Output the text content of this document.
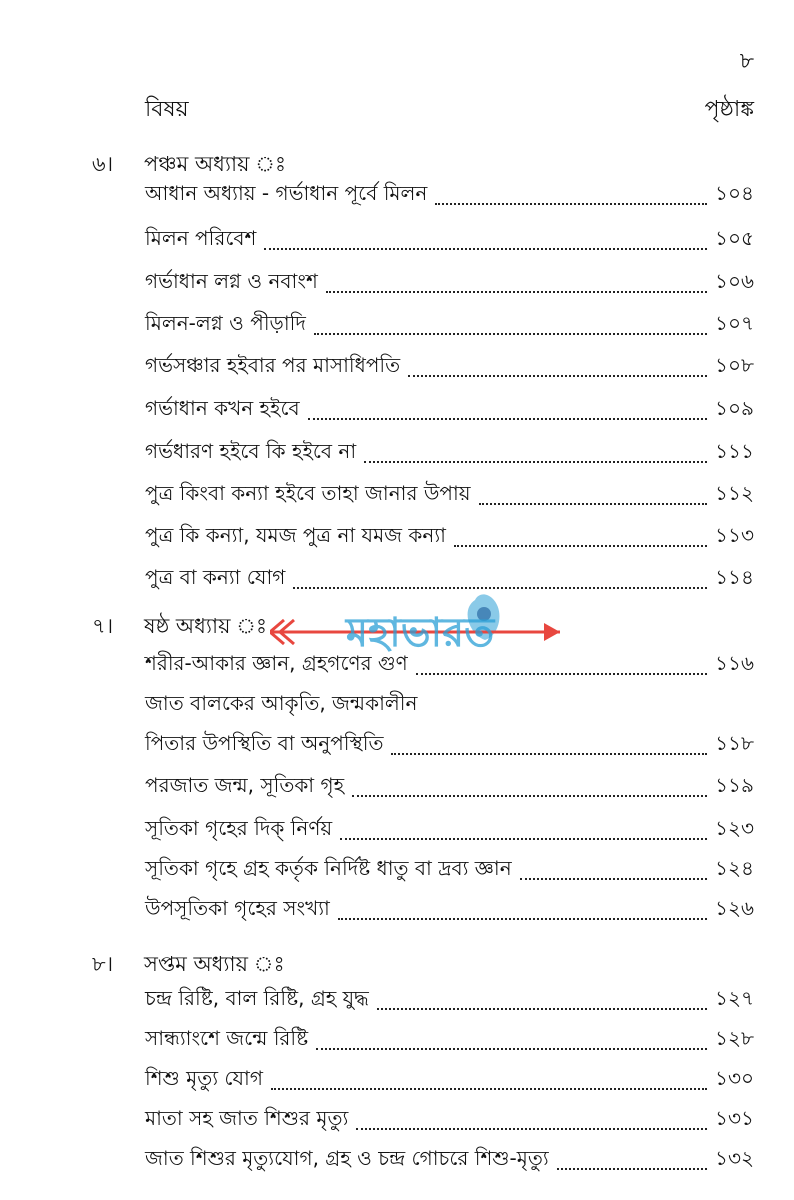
৮
বিষয়	পৃষ্ঠাঙ্ক
৬।	পঞ্চম অধ্যায় ঃ
আধান অধ্যায় - গর্ভাধান পূর্বে মিলন	১০৪
মিলন পরিবেশ	১০৫
গর্ভাধান লগ্ন ও নবাংশ	১০৬
মিলন-লগ্ন ও পীড়াদি	১০৭
গর্ভসঞ্চার হইবার পর মাসাধিপতি	১০৮
গর্ভাধান কখন হইবে	১০৯
গর্ভধারণ হইবে কি হইবে না	১১১
পুত্র কিংবা কন্যা হইবে তাহা জানার উপায়	১১২
পুত্র কি কন্যা, যমজ পুত্র না যমজ কন্যা	১১৩
পুত্র বা কন্যা যোগ	১১৪
৭।	ষষ্ঠ অধ্যায় ঃ
শরীর-আকার জ্ঞান, গ্রহগণের গুণ	১১৬
জাত বালকের আকৃতি, জন্মকালীন
পিতার উপস্থিতি বা অনুপস্থিতি	১১৮
পরজাত জন্ম, সূতিকা গৃহ	১১৯
সূতিকা গৃহের দিক্ নির্ণয়	১২৩
সূতিকা গৃহে গ্রহ কর্তৃক নির্দিষ্ট ধাতু বা দ্রব্য জ্ঞান	১২৪
উপসূতিকা গৃহের সংখ্যা	১২৬
৮।	সপ্তম অধ্যায় ঃ
চন্দ্র রিষ্টি, বাল রিষ্টি, গ্রহ যুদ্ধ	১২৭
সান্ধ্যাংশে জন্মে রিষ্টি	১২৮
শিশু মৃত্যু যোগ	১৩০
মাতা সহ জাত শিশুর মৃত্যু	১৩১
জাত শিশুর মৃত্যুযোগ, গ্রহ ও চন্দ্র গোচরে শিশু-মৃত্যু	১৩২
মহাভারত
